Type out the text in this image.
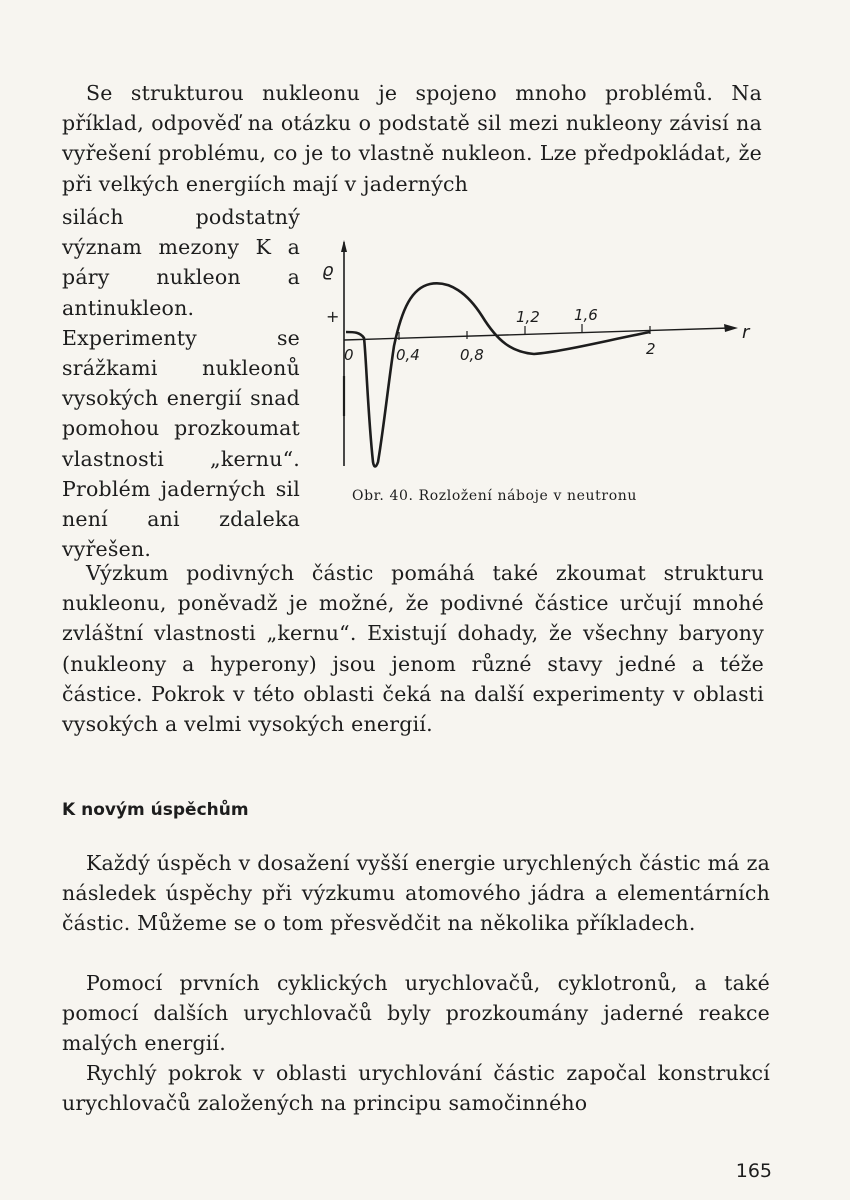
Se strukturou nukleonu je spojeno mnoho problémů. Na příklad, odpověď na otázku o podstatě sil mezi nukleony závisí na vyřešení problému, co je to vlastně nukleon. Lze předpokládat, že při velkých energiích mají v jaderných

silách podstatný význam mezony K a páry nukleon a antinukleon. Experimenty se srážkami nukleonů vysokých energií snad pomohou prozkoumat vlastnosti „kernu“. Problém jaderných sil není ani zdaleka vyřešen.

ϱ
r
+
0	0,4	0,8	2
1,2 1,6
−
Obr. 40. Rozložení náboje v neutronu

Výzkum podivných částic pomáhá také zkoumat strukturu nukleonu, poněvadž je možné, že podivné částice určují mnohé zvláštní vlastnosti „kernu“. Existují dohady, že všechny baryony (nukleony a hyperony) jsou jenom různé stavy jedné a téže částice. Pokrok v této oblasti čeká na další experimenty v oblasti vysokých a velmi vysokých energií.

K novým úspěchům

Každý úspěch v dosažení vyšší energie urychlených částic má za následek úspěchy při výzkumu atomového jádra a elementárních částic. Můžeme se o tom přesvědčit na několika příkladech.

Pomocí prvních cyklických urychlovačů, cyklotronů, a také pomocí dalších urychlovačů byly prozkoumány jaderné reakce malých energií.

Rychlý pokrok v oblasti urychlování částic započal konstrukcí urychlovačů založených na principu samočinného

165
